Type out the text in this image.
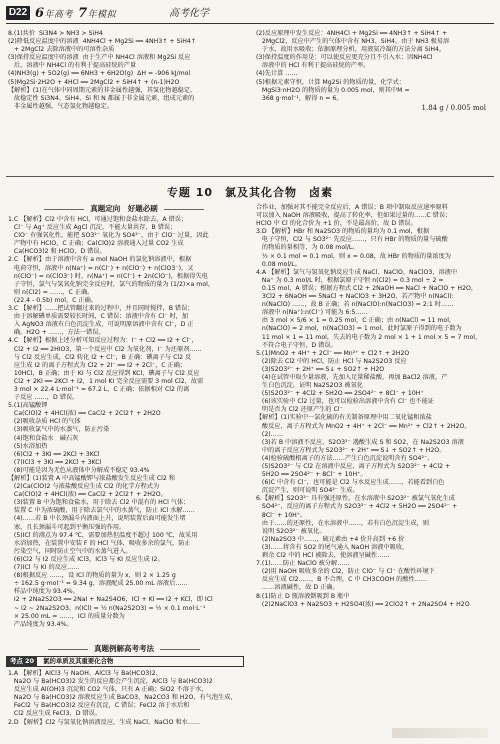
D22 6年高考 7年模拟	高考化学

8.(1)共价  Si3N4 > NH3 > SiH4

(2)降低反应温度中的溶液  4NH4Cl + Mg2Si ══ 4NH3↑ + SiH4↑

+ 2MgCl2 去除溶液中的可溶性杂质

(3)保持反应温度中的溶液  由于生产中 NH4Cl 溶液和 Mg2Si 反应

后，溶液中 NH4Cl 的有利于提高硅烷的产量

(4)NH3(g) + 5O2(g) ══ 6NH3 + 6H2O(g)  ΔH = -906 kJ/mol

(5)Mg2Si·2H2O + 4HCl ══ 2MgCl2 + SiH4↑ + (n-1)H2O

【解析】(1)在气体中同周期元素的非金属性越强，其氢化物越稳定，

故稳定性 Si3N4、SiH4、Si 和 N 都属于非金属元素，组成元素的

非金属性越强，气态氢化物越稳定。

(2)反应原理中发生反应：4NH4Cl + Mg2Si ══ 4NH3↑ + SiH4↑ +

2MgCl2，反应中产生的气体中含有 NH3、SiH4，由于 NH3 极易溶

于水，故用水吸收；依据原理分析，用液氨冷凝的方法分离 SiH4，

(3)保持温度的作用是：可以使反应更充分且不引入水；因NH4Cl

溶液中的 HCl 有利于提高硅烷的产率。

(4)先计算 ……

(5)根据元素守恒，计算 Mg2Si 的物质的量，化学式：

MgSi3·nH2O 的物质的量为 0.005 mol，则其中M =

368 g·mol⁻¹，解得 n = 6。

1.84 g / 0.005 mol
专题 10　氯及其化合物　卤素
真题定向　好题必刷

1.C 【解析】Cl2 中含有 HCl，可通过饱和食盐水除去，A 错误；

Cl⁻ 与 Ag⁺ 反应生成 AgCl 沉淀，不能大量共存，B 错误；

ClO⁻ 有强氧化性，能把 SO3²⁻ 氧化为 SO4²⁻，由于 ClO⁻ 过量，因此

产物中有 HClO，C 正确；Ca(ClO)2 溶液通入过量 CO2 生成

Ca(HCO3)2 和 HClO，D 错误。

2.C 【解析】由于溶液中含有 a mol NaOH 的氯化钠溶液中，根据

电荷守恒，溶液中 n(Na⁺) = n(Cl⁻) + n(ClO⁻) + n(ClO3⁻)，又

n(ClO⁻) = n(ClO3⁻) 时，n(Na⁺) = n(Cl⁻) + 2n(ClO⁻)，根据得失电

子守恒，氯气与氢氧化钠完全反应时，氯气的物质的量为 (1/2)×a mol，

则 n(Cl2) = ……，C 正确。

(22.4 - 0.5b) mol，C 正确。

3.C 【解析】……把试管翻过来的过程中，并且同时搅拌，B 错误；

由于溶解碘单质需要较长时间，C 错误；溶液中含有 Cl⁻ 时，加

入 AgNO3 溶液有白色沉淀生成，可说明原溶液中含有 Cl⁻，D 正

确。H2O + ……，方法一错误。

4.C 【解析】根据上述分析可知反应过程为：I⁻ + Cl2 ══ I2 + Cl⁻，

Cl2 + I2 ══ 2HIO3，第一个反应中 Cl2 为氧化剂，I⁻ 为还原剂……

与 Cl2 反应生成，Cl2 转化 I2 + Cl⁻，B 正确：碘离子与 Cl2 反

应生成 I2 的离子方程式为 Cl2 + 2I⁻ ══ I2 + 2Cl⁻，C 正确；

10HCl，B 正确；由于 KI 与 Cl2 反应得到 KCl，碘离子与 Cl2 反应

Cl2 + 2KI ══ 2KCl + I2，1 mol KI 完全反应需要 3 mol Cl2，故需

3 mol × 22.4 L·mol⁻¹ = 67.2 L，C 正确；依据相对 Cl2 的离

子反应 ……，D 错误。

5.(1)高锰酸钾

Ca(ClO)2 + 4HCl(浓) ══ CaCl2 + 2Cl2↑ + 2H2O

(2)吸收杂质 HCl 的气体

(3)吸收氯气中的水蒸气，防止污染

(4)饱和食盐水　碱石灰

(5)水浴加热

(6)Cl2 + 3KI ══ 2KCl + 3KCl

(7)ICl3 + 3KI ══ 2KCl + 3KCl

(8)可能是因为无色从液体中分解成不稳定 93.4%

【解析】(1)装置 A 中高锰酸钾与浓盐酸发生反应生成 Cl2 和

(2)Ca(ClO)2 与浓盐酸反应生成 Cl2 的化学方程式为

Ca(ClO)2 + 4HCl(浓) ══ CaCl2 + 2Cl2↑ + 2H2O。

(3)装置 B 中为饱和食盐水，用于除去 Cl2 中混有的 HCl 气体；

装置 C 中为浓硫酸，用于除去氯气中的水蒸气，防止 ICl 水解……

(4)……若 B 中长颈漏斗内液面上升，说明装置后面可能发生堵

塞，且长颈漏斗可起到平衡压强的作用。

(5)ICl 的沸点为 97.4 ℃，需要加热但温度不超过 100 ℃，故采用

水浴加热，在装置中安装 F 的 HCl 气体，吸收多余的氯气，防止

污染空气，同时防止空气中的水蒸气进入。

(6)Cl2 与 I2 反应生成 ICl3，ICl3 与 KI 反应生成 I2。

(7)ICl 与 KI 的反应……

(8)根据反应 ……，设 ICl 的物质的量为 x，则 2 × 1.25 g

÷ 162.5 g·mol⁻¹ = 9.34 g，溶液配成 25.00 mL 溶液后……

样品中纯度为 93.4%。

I2 + 2Na2S2O3 ══ 2NaI + Na2S4O6，ICl + KI ══ I2 + KCl，即 ICl

~ I2 ~ 2Na2S2O3，n(ICl) = ½ n(Na2S2O3) = ½ × 0.1 mol·L⁻¹

× 25.00 mL = ……，ICl 的质量分数为

产品纯度为 93.4%。

合作业，加强对其不能完全反应后，A 错误；B 项中制取反应速率原料

可以加入 NaOH 溶液吸收，提高了转化率，但如果过量的……C 错误；

HClO 中 Cl 的化合价为 +1 价，不是最高价，故 D 错误。

3.D 【解析】HBr 和 Na2SO3 的物质的量均为 0.1 mol，根据

电子守恒，Cl2 与 SO3²⁻ 先反应……，只有 HBr 的物质的量与硫酸

的物质的量相等，为 0.08 mol/L。

½ × 0.1 mol = 0.1 mol，则 x = 0.08，故 HBr 的物质的量浓度为

0.08 mol/L。

4.A 【解析】氯气与氢氧化钠反应生成 NaCl、NaClO、NaClO3，溶液中

Na⁺ 为 0.3 mol/L 时，根据氯原子守恒 n(Cl2) = 0.3 mol ÷ 2 =

0.15 mol，A 错误；根据方程式 Cl2 + 2NaOH ══ NaCl + NaClO + H2O，

3Cl2 + 6NaOH ══ 5NaCl + NaClO3 + 3H2O，若产物中 n(NaCl):

n(NaClO) ……，故 B 正确；若 n(NaClO):n(NaClO3) = 2:1 时……

溶液中 n(Na⁺):n(Cl⁻) 可能为 6:5……

由 3 mol × 5/6 × 1 = 0.25 mol，C 正确；由 n(NaCl) = 11 mol，

n(NaClO) = 2 mol，n(NaClO3) = 1 mol，此时氯原子得到的电子数为

11 mol × 1 = 11 mol，失去的电子数为 2 mol × 1 + 1 mol × 5 = 7 mol，

不符合电子守恒，D 错误。

5.(1)MnO2 + 4H⁺ + 2Cl⁻ ══ Mn²⁺ + Cl2↑ + 2H2O

(2)除去 Cl2 中的 HCl，防止 HCl 与 Na2S2O3 反应

(3)S2O3²⁻ + 2H⁺ ══ S↓ + SO2↑ + H2O

(4)在试管中取少量溶液，先加入足量稀盐酸，再加 BaCl2 溶液，产

生白色沉淀，证明 Na2S2O3 被氧化

(5)S2O3²⁻ + 4Cl2 + 5H2O ══ 2SO4²⁻ + 8Cl⁻ + 10H⁺

(6)该实验中 Cl2 过量，也可以检验出溶液中含有 Cl⁻ 也不能证

明是否为 Cl2 还原产生的 Cl⁻

【解析】(1)实验中一氯化硫的有关制备原理中用二氧化锰和浓盐

酸反应，离子方程式为 MnO2 + 4H⁺ + 2Cl⁻ ══ Mn²⁺ + Cl2↑ + 2H2O。

(2)……

(3)若 B 中溶液不反应，S2O3²⁻ 遇酸生成 S 和 SO2，在 Na2S2O3 溶液

中的离子反应方程式为 S2O3²⁻ + 2H⁺ ══ S↓ + SO2↑ + H2O。

(4)检验硫酸根离子的方法……产生白色沉淀说明含有 SO4²⁻。

(5)S2O3²⁻ 与 Cl2 在溶液中反应，离子方程式为 S2O3²⁻ + 4Cl2 +

5H2O ══ 2SO4²⁻ + 8Cl⁻ + 10H⁺。

(6)C 中含有 Cl⁻，也可能是 Cl2 与水反应生成……，若能看到白色

沉淀产生，则可说明 SO4²⁻ 生成。

6.【解析】S2O3²⁻ 具有强还原性，在水溶液中 S2O3²⁻ 被氯气氧化生成

SO4²⁻，反应的离子方程式为 S2O3²⁻ + 4Cl2 + 5H2O ══ 2SO4²⁻ +

8Cl⁻ + 10H⁺。

由于……的还原性，在水溶液中……，若有白色沉淀生成，则

说明 S2O3²⁻ 被氧化。

(2)Na2SO3 中……，硫元素由 +4 价升高到 +6 价

(3)……将含有 SO2 的尾气通入 NaOH 溶液中吸收，

剩余 Cl2 中的 HCl 被除去，使溶液呈碱性……

7.(1)……防止 NaClO 被分解……

(2)用 NaOH 吸收多余的 Cl2，防止 ClO⁻ 与 Cl⁻ 在酸性环境下

反应生成 Cl2……，B 不合理，C 中 CH3COOH 的酸性……

……溶液碱性，故 D 正确。

8.(1)防止 D 瓶溶液倒吸到 B 瓶中

(2)2NaClO3 + Na2SO3 + H2SO4(浓) ══ 2ClO2↑ + 2Na2SO4 + H2O

真题例解高考考法
考点 20 氯的单质及其重要化合物

1.A 【解析】AlCl3 与 NaOH、AlCl3 与 Ba(HCO3)2、

Na2O 与 Ba(HCO3)2 发生的反应都会产生沉淀，AlCl3 与 Ba(HCO3)2

反应生成 Al(OH)3 沉淀和 CO2 气体，只有 A 正确；SiO2 不溶于水，

Na2O 与 Ba(HCO3)2 溶液反应生成 BaCO3、Na2CO3 和 H2O，有气泡生成，

FeCl2 与 Ba(HCO3)2 反应有沉淀，C 错误；FeCl2 溶于水后和

Cl2 反应生成 FeCl3，D 错误。

2.D 【解析】Cl2 与氢氧化钠溶液反应，生成 NaCl、NaClO 和水……
